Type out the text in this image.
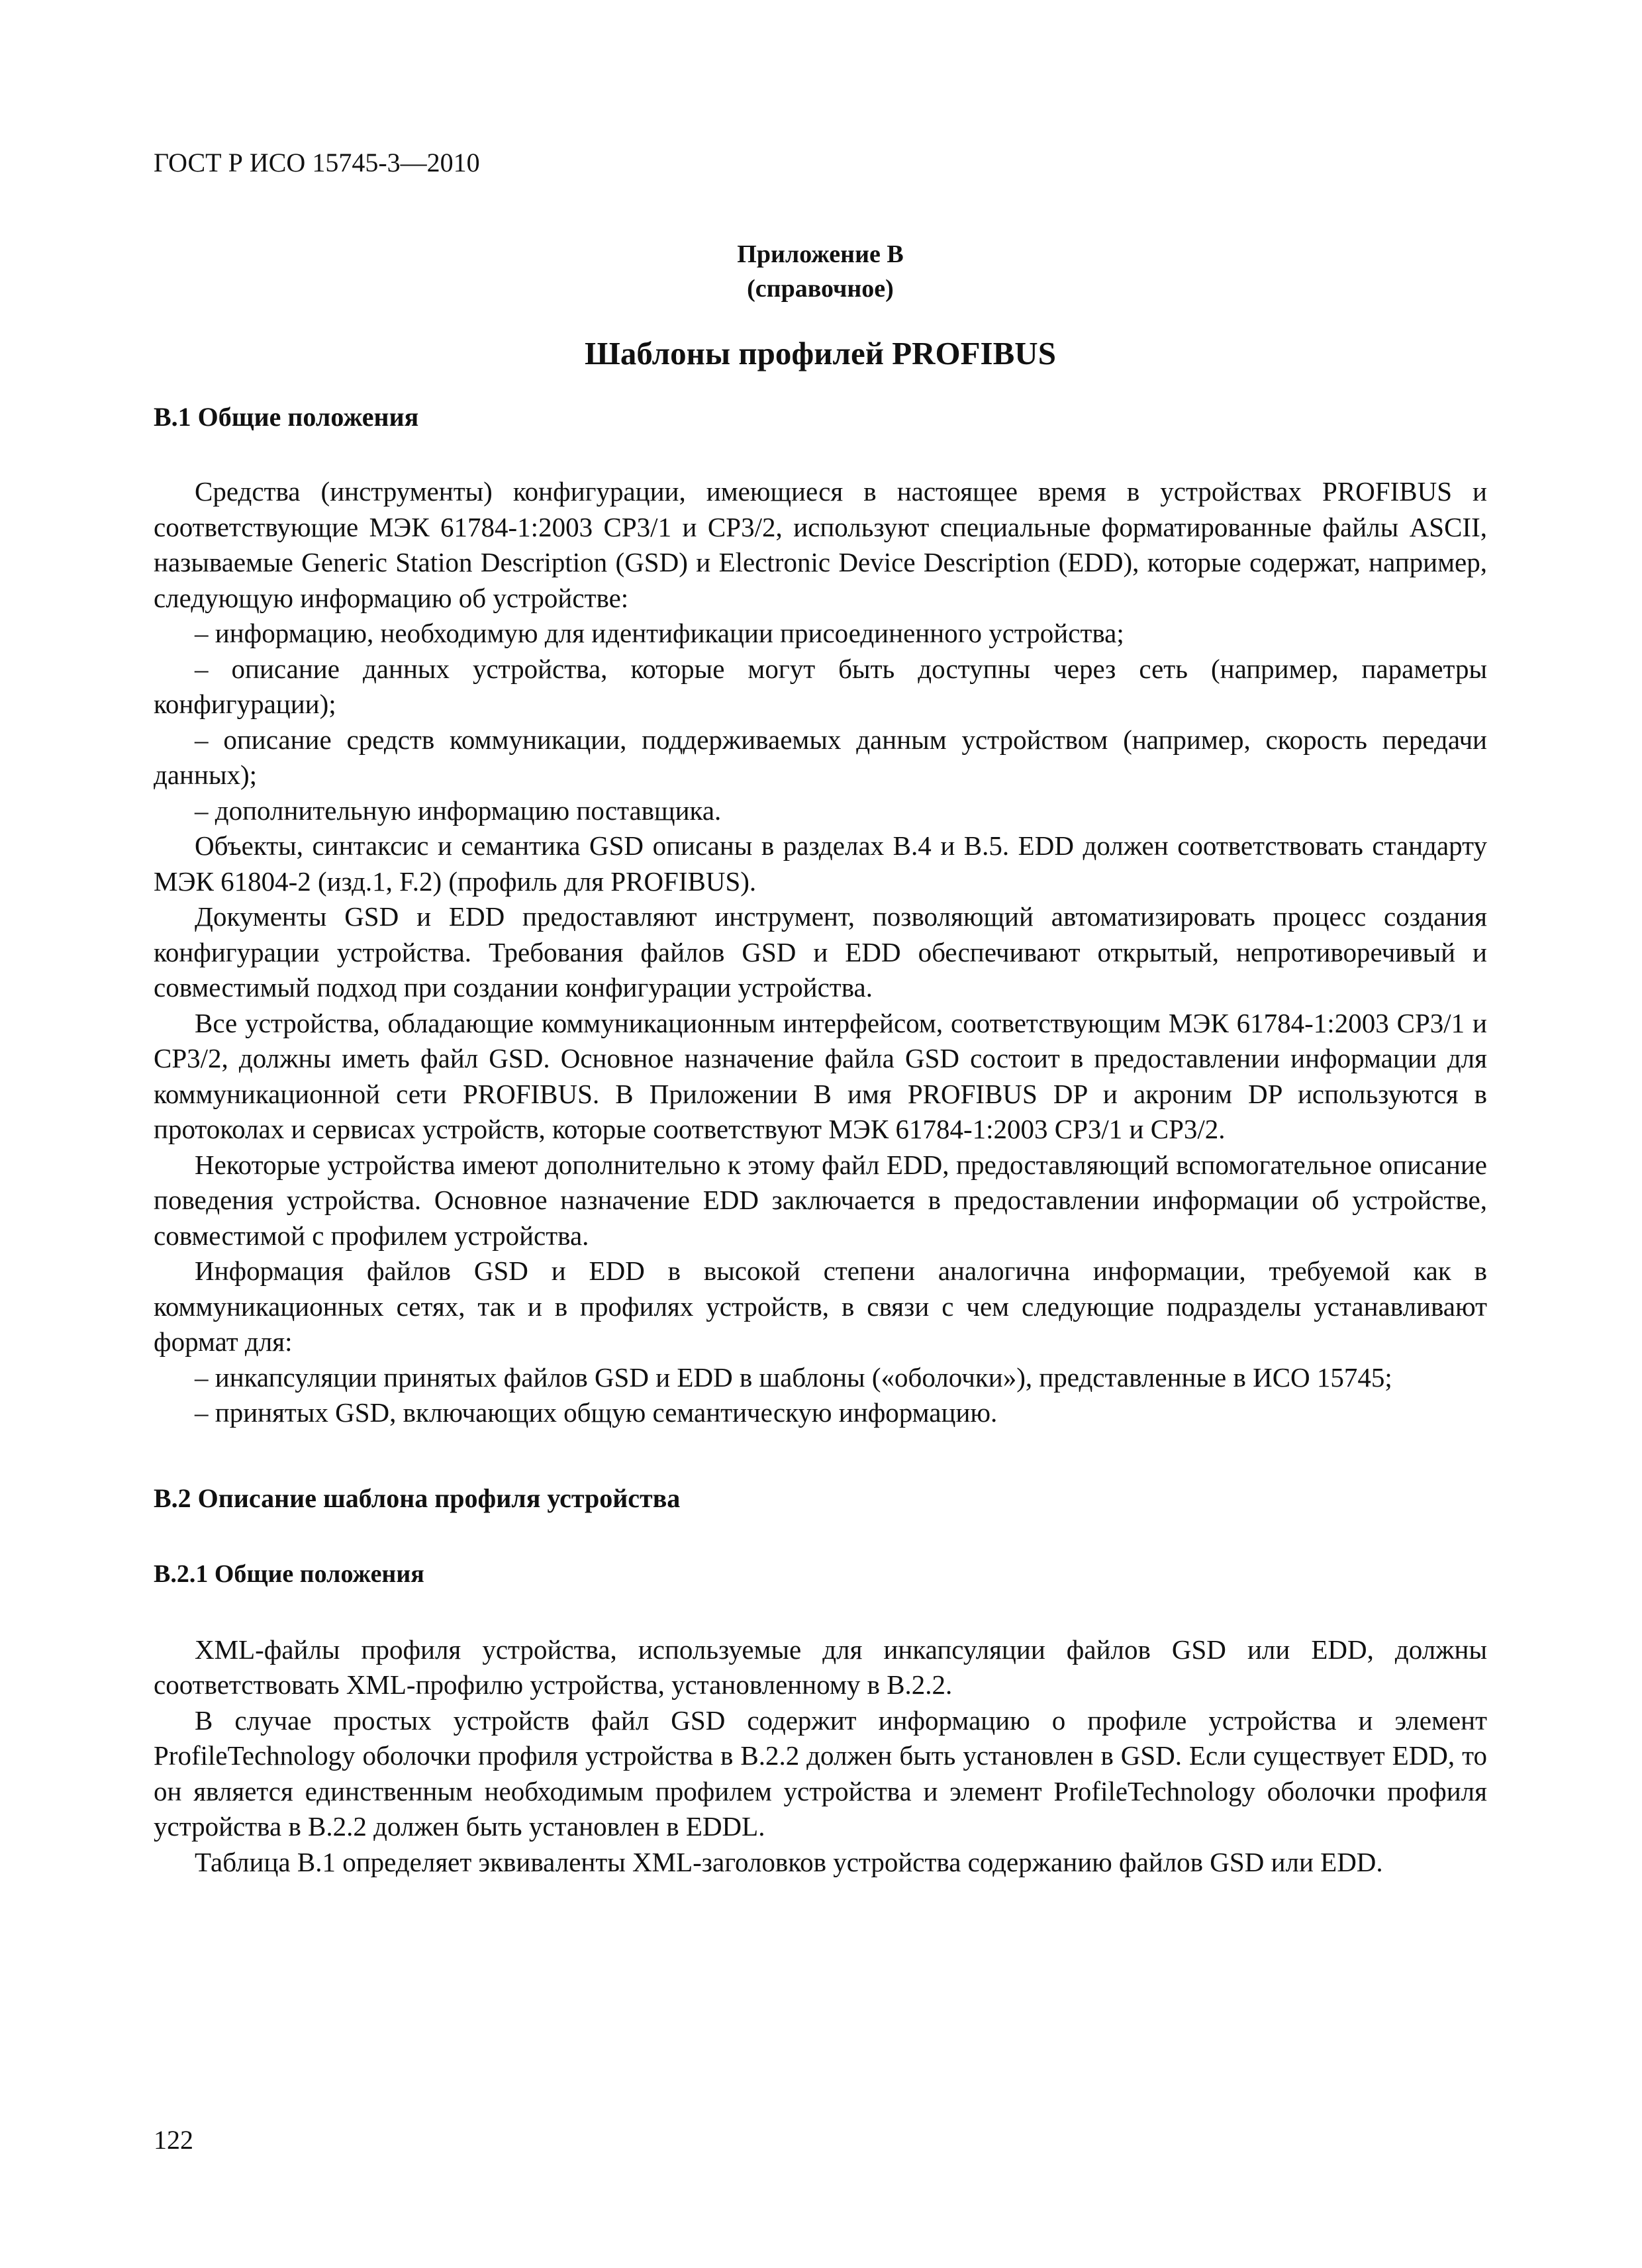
ГОСТ Р ИСО 15745-3—2010

Приложение В

(справочное)

Шаблоны профилей PROFIBUS
В.1 Общие положения

Средства (инструменты) конфигурации, имеющиеся в настоящее время в устройствах PROFIBUS и соответствующие МЭК 61784-1:2003 CP3/1 и CP3/2, используют специальные форматированные файлы ASCII, называемые Generic Station Description (GSD) и Electronic Device Description (EDD), которые содержат, например, следующую информацию об устройстве:

– информацию, необходимую для идентификации присоединенного устройства;

– описание данных устройства, которые могут быть доступны через сеть (например, параметры конфигурации);

– описание средств коммуникации, поддерживаемых данным устройством (например, скорость передачи данных);

– дополнительную информацию поставщика.

Объекты, синтаксис и семантика GSD описаны в разделах В.4 и В.5. EDD должен соответствовать стандарту МЭК 61804-2 (изд.1, F.2) (профиль для PROFIBUS).

Документы GSD и EDD предоставляют инструмент, позволяющий автоматизировать процесс создания конфигурации устройства. Требования файлов GSD и EDD обеспечивают открытый, непротиворечивый и совместимый подход при создании конфигурации устройства.

Все устройства, обладающие коммуникационным интерфейсом, соответствующим МЭК 61784-1:2003 CP3/1 и CP3/2, должны иметь файл GSD. Основное назначение файла GSD состоит в предоставлении информации для коммуникационной сети PROFIBUS. В Приложении В имя PROFIBUS DP и акроним DP используются в протоколах и сервисах устройств, которые соответствуют МЭК 61784-1:2003 CP3/1 и CP3/2.

Некоторые устройства имеют дополнительно к этому файл EDD, предоставляющий вспомогательное описание поведения устройства. Основное назначение EDD заключается в предоставлении информации об устройстве, совместимой с профилем устройства.

Информация файлов GSD и EDD в высокой степени аналогична информации, требуемой как в коммуникационных сетях, так и в профилях устройств, в связи с чем следующие подразделы устанавливают формат для:

– инкапсуляции принятых файлов GSD и EDD в шаблоны («оболочки»), представленные в ИСО 15745;

– принятых GSD, включающих общую семантическую информацию.

В.2 Описание шаблона профиля устройства
В.2.1 Общие положения

XML-файлы профиля устройства, используемые для инкапсуляции файлов GSD или EDD, должны соответствовать XML-профилю устройства, установленному в В.2.2.

В случае простых устройств файл GSD содержит информацию о профиле устройства и элемент ProfileTechnology оболочки профиля устройства в В.2.2 должен быть установлен в GSD. Если существует EDD, то он является единственным необходимым профилем устройства и элемент ProfileTechnology оболочки профиля устройства в В.2.2 должен быть установлен в EDDL.

Таблица В.1 определяет эквиваленты XML-заголовков устройства содержанию файлов GSD или EDD.

122
